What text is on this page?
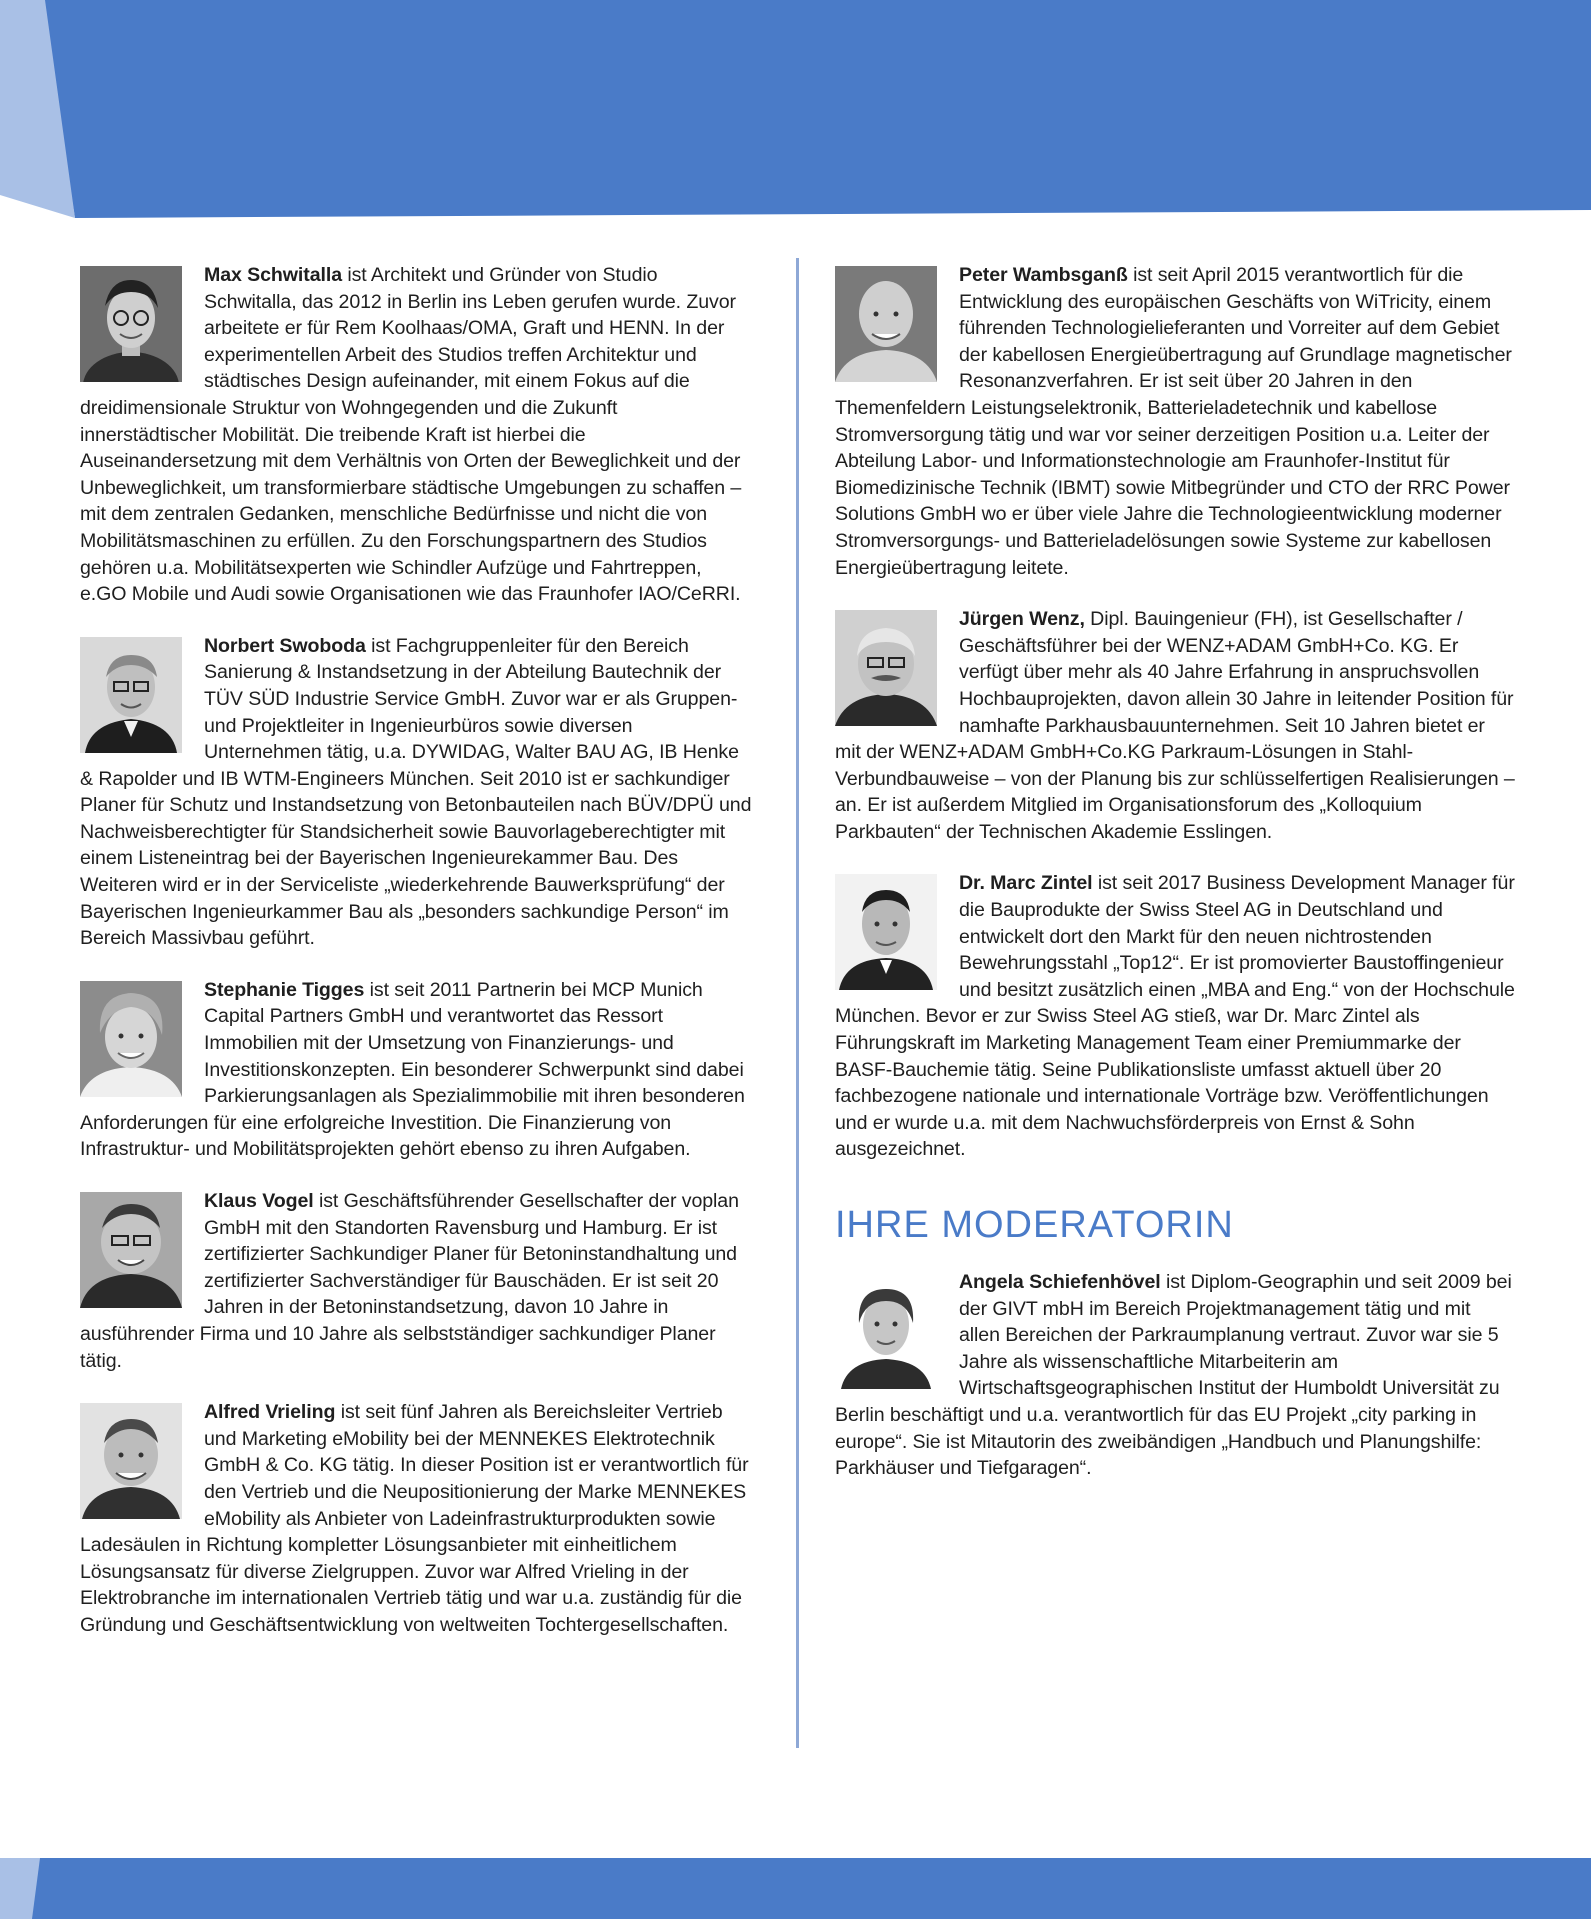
Max Schwitalla ist Architekt und Gründer von Studio Schwitalla, das 2012 in Berlin ins Leben gerufen wurde. Zuvor arbeitete er für Rem Koolhaas/OMA, Graft und HENN. In der experimentellen Arbeit des Studios treffen Architektur und städtisches Design aufeinander, mit einem Fokus auf die dreidimensionale Struktur von Wohngegenden und die Zukunft innerstädtischer Mobilität. Die treibende Kraft ist hierbei die Auseinandersetzung mit dem Verhältnis von Orten der Beweglichkeit und der Unbeweglichkeit, um transformierbare städtische Umgebungen zu schaffen – mit dem zentralen Gedanken, menschliche Bedürfnisse und nicht die von Mobilitätsmaschinen zu erfüllen. Zu den Forschungspartnern des Studios gehören u.a. Mobilitätsexperten wie Schindler Aufzüge und Fahrtreppen, e.GO Mobile und Audi sowie Organisationen wie das Fraunhofer IAO/CeRRI.
Norbert Swoboda ist Fachgruppenleiter für den Bereich Sanierung & Instandsetzung in der Abteilung Bautechnik der TÜV SÜD Industrie Service GmbH. Zuvor war er als Gruppen- und Projektleiter in Ingenieurbüros sowie diversen Unternehmen tätig, u.a. DYWIDAG, Walter BAU AG, IB Henke & Rapolder und IB WTM-Engineers München. Seit 2010 ist er sachkundiger Planer für Schutz und Instandsetzung von Betonbauteilen nach BÜV/DPÜ und Nachweisberechtigter für Standsicherheit sowie Bauvorlageberechtigter mit einem Listeneintrag bei der Bayerischen Ingenieurekammer Bau. Des Weiteren wird er in der Serviceliste „wiederkehrende Bauwerksprüfung“ der Bayerischen Ingenieurkammer Bau als „besonders sachkundige Person“ im Bereich Massivbau geführt.
Stephanie Tigges ist seit 2011 Partnerin bei MCP Munich Capital Partners GmbH und verantwortet das Ressort Immobilien mit der Umsetzung von Finanzierungs- und Investitionskonzepten. Ein besonderer Schwerpunkt sind dabei Parkierungsanlagen als Spezialimmobilie mit ihren besonderen Anforderungen für eine erfolgreiche Investition. Die Finanzierung von Infrastruktur- und Mobilitätsprojekten gehört ebenso zu ihren Aufgaben.
Klaus Vogel ist Geschäftsführender Gesellschafter der voplan GmbH mit den Standorten Ravensburg und Hamburg. Er ist zertifizierter Sachkundiger Planer für Betoninstandhaltung und zertifizierter Sachverständiger für Bauschäden. Er ist seit 20 Jahren in der Betoninstandsetzung, davon 10 Jahre in ausführender Firma und 10 Jahre als selbstständiger sachkundiger Planer tätig.
Alfred Vrieling ist seit fünf Jahren als Bereichsleiter Vertrieb und Marketing eMobility bei der MENNEKES Elektrotechnik GmbH & Co. KG tätig. In dieser Position ist er verantwortlich für den Vertrieb und die Neupositionierung der Marke MENNEKES eMobility als Anbieter von Ladeinfrastrukturprodukten sowie Ladesäulen in Richtung kompletter Lösungsanbieter mit einheitlichem Lösungsansatz für diverse Zielgruppen. Zuvor war Alfred Vrieling in der Elektrobranche im internationalen Vertrieb tätig und war u.a. zuständig für die Gründung und Geschäftsentwicklung von weltweiten Tochtergesellschaften.
Peter Wambsganß ist seit April 2015 verantwortlich für die Entwicklung des europäischen Geschäfts von WiTricity, einem führenden Technologielieferanten und Vorreiter auf dem Gebiet der kabellosen Energieübertragung auf Grundlage magnetischer Resonanzverfahren. Er ist seit über 20 Jahren in den Themenfeldern Leistungselektronik, Batterieladetechnik und kabellose Stromversorgung tätig und war vor seiner derzeitigen Position u.a. Leiter der Abteilung Labor- und Informationstechnologie am Fraunhofer-Institut für Biomedizinische Technik (IBMT) sowie Mitbegründer und CTO der RRC Power Solutions GmbH wo er über viele Jahre die Technologieentwicklung moderner Stromversorgungs- und Batterieladelösungen sowie Systeme zur kabellosen Energieübertragung leitete.
Jürgen Wenz, Dipl. Bauingenieur (FH), ist Gesellschafter / Geschäftsführer bei der WENZ+ADAM GmbH+Co. KG. Er verfügt über mehr als 40 Jahre Erfahrung in anspruchsvollen Hochbauprojekten, davon allein 30 Jahre in leitender Position für namhafte Parkhausbauunternehmen. Seit 10 Jahren bietet er mit der WENZ+ADAM GmbH+Co.KG Parkraum-Lösungen in Stahl-Verbundbauweise – von der Planung bis zur schlüsselfertigen Realisierungen – an. Er ist außerdem Mitglied im Organisationsforum des „Kolloquium Parkbauten“ der Technischen Akademie Esslingen.
Dr. Marc Zintel ist seit 2017 Business Development Manager für die Bauprodukte der Swiss Steel AG in Deutschland und entwickelt dort den Markt für den neuen nichtrostenden Bewehrungsstahl „Top12“. Er ist promovierter Baustoffingenieur und besitzt zusätzlich einen „MBA and Eng.“ von der Hochschule München. Bevor er zur Swiss Steel AG stieß, war Dr. Marc Zintel als Führungskraft im Marketing Management Team einer Premiummarke der BASF-Bauchemie tätig. Seine Publikationsliste umfasst aktuell über 20 fachbezogene nationale und internationale Vorträge bzw. Veröffentlichungen und er wurde u.a. mit dem Nachwuchsförderpreis von Ernst & Sohn ausgezeichnet.
IHRE MODERATORIN
Angela Schiefenhövel ist Diplom-Geographin und seit 2009 bei der GIVT mbH im Bereich Projektmanagement tätig und mit allen Bereichen der Parkraumplanung vertraut. Zuvor war sie 5 Jahre als wissenschaftliche Mitarbeiterin am Wirtschaftsgeographischen Institut der Humboldt Universität zu Berlin beschäftigt und u.a. verantwortlich für das EU Projekt „city parking in europe“. Sie ist Mitautorin des zweibändigen „Handbuch und Planungshilfe: Parkhäuser und Tiefgaragen“.
